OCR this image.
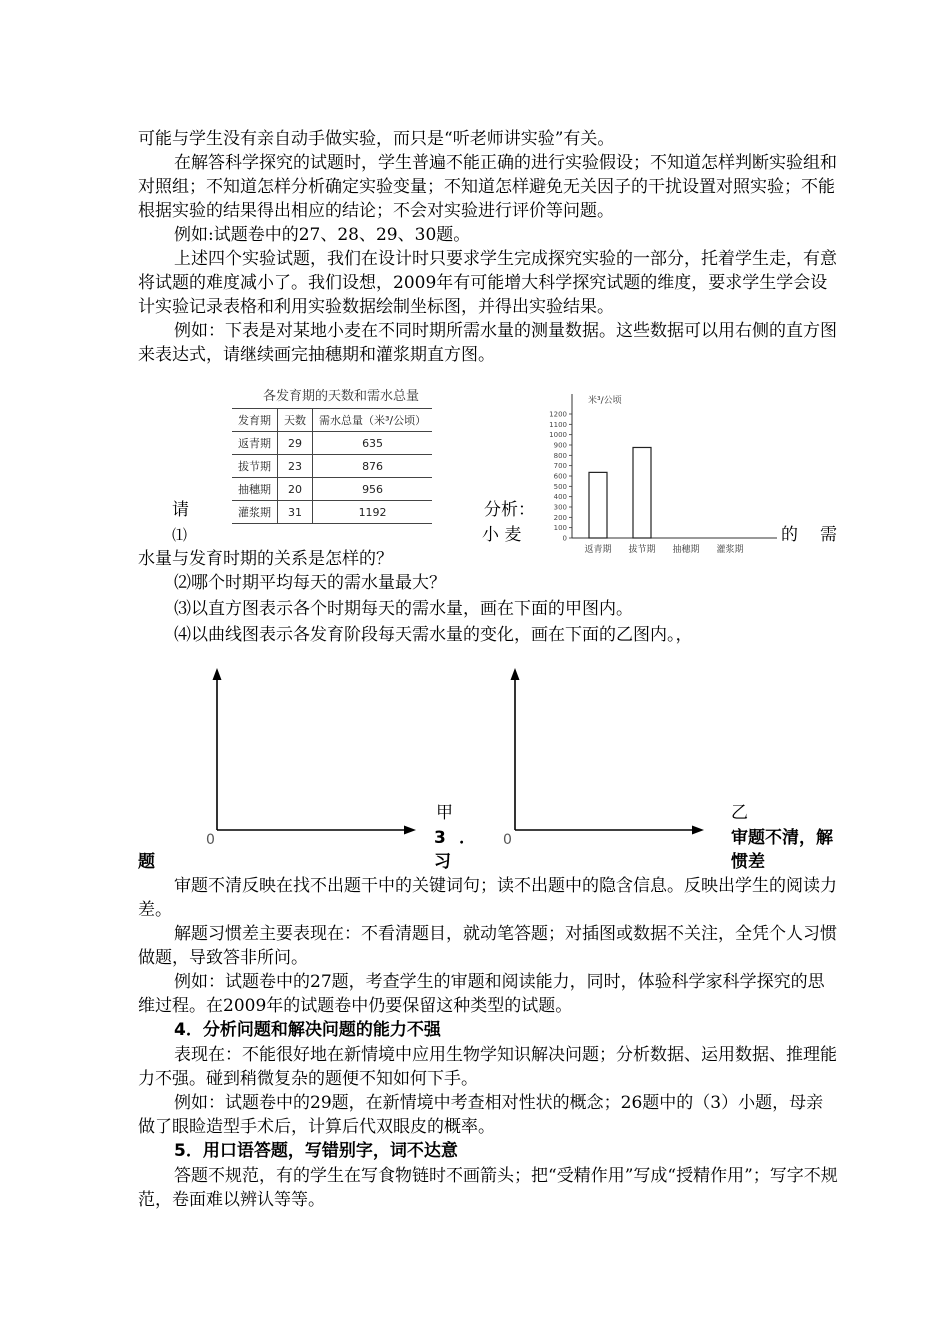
可能与学生没有亲自动手做实验，而只是“听老师讲实验”有关。

在解答科学探究的试题时，学生普遍不能正确的进行实验假设；不知道怎样判断实验组和对照组；不知道怎样分析确定实验变量；不知道怎样避免无关因子的干扰设置对照实验；不能根据实验的结果得出相应的结论；不会对实验进行评价等问题。

例如:试题卷中的27、28、29、30题。

上述四个实验试题，我们在设计时只要求学生完成探究实验的一部分，托着学生走，有意将试题的难度减小了。我们设想，2009年有可能增大科学探究试题的维度，要求学生学会设计实验记录表格和利用实验数据绘制坐标图，并得出实验结果。

例如：下表是对某地小麦在不同时期所需水量的测量数据。这些数据可以用右侧的直方图来表达式，请继续画完抽穗期和灌浆期直方图。

各发育期的天数和需水总量
发育期	天数	需水总量（米³/公顷）
返青期	29	635
拔节期	23	876
抽穗期	20	956
灌浆期	31	1192
请	分析：
⑴	小 麦	的 需
0
100
200
300
400
500
600
700
800
900
1000
1100
1200
米³/公顷
返青期 拔节期 抽穗期 灌浆期

水量与发育时期的关系是怎样的？

⑵哪个时期平均每天的需水量最大？

⑶以直方图表示各个时期每天的需水量，画在下面的甲图内。

⑷以曲线图表示各发育阶段每天需水量的变化，画在下面的乙图内。，

0
甲
0
乙
3 ．	审题不清，解
题	习	惯差

审题不清反映在找不出题干中的关键词句；读不出题中的隐含信息。反映出学生的阅读力差。

解题习惯差主要表现在：不看清题目，就动笔答题；对插图或数据不关注，全凭个人习惯做题，导致答非所问。

例如：试题卷中的27题，考查学生的审题和阅读能力，同时，体验科学家科学探究的思维过程。在2009年的试题卷中仍要保留这种类型的试题。

4．分析问题和解决问题的能力不强

表现在：不能很好地在新情境中应用生物学知识解决问题；分析数据、运用数据、推理能力不强。碰到稍微复杂的题便不知如何下手。

例如：试题卷中的29题，在新情境中考查相对性状的概念；26题中的（3）小题，母亲做了眼睑造型手术后，计算后代双眼皮的概率。

5．用口语答题，写错别字，词不达意

答题不规范，有的学生在写食物链时不画箭头；把“受精作用”写成“授精作用”；写字不规范，卷面难以辨认等等。
